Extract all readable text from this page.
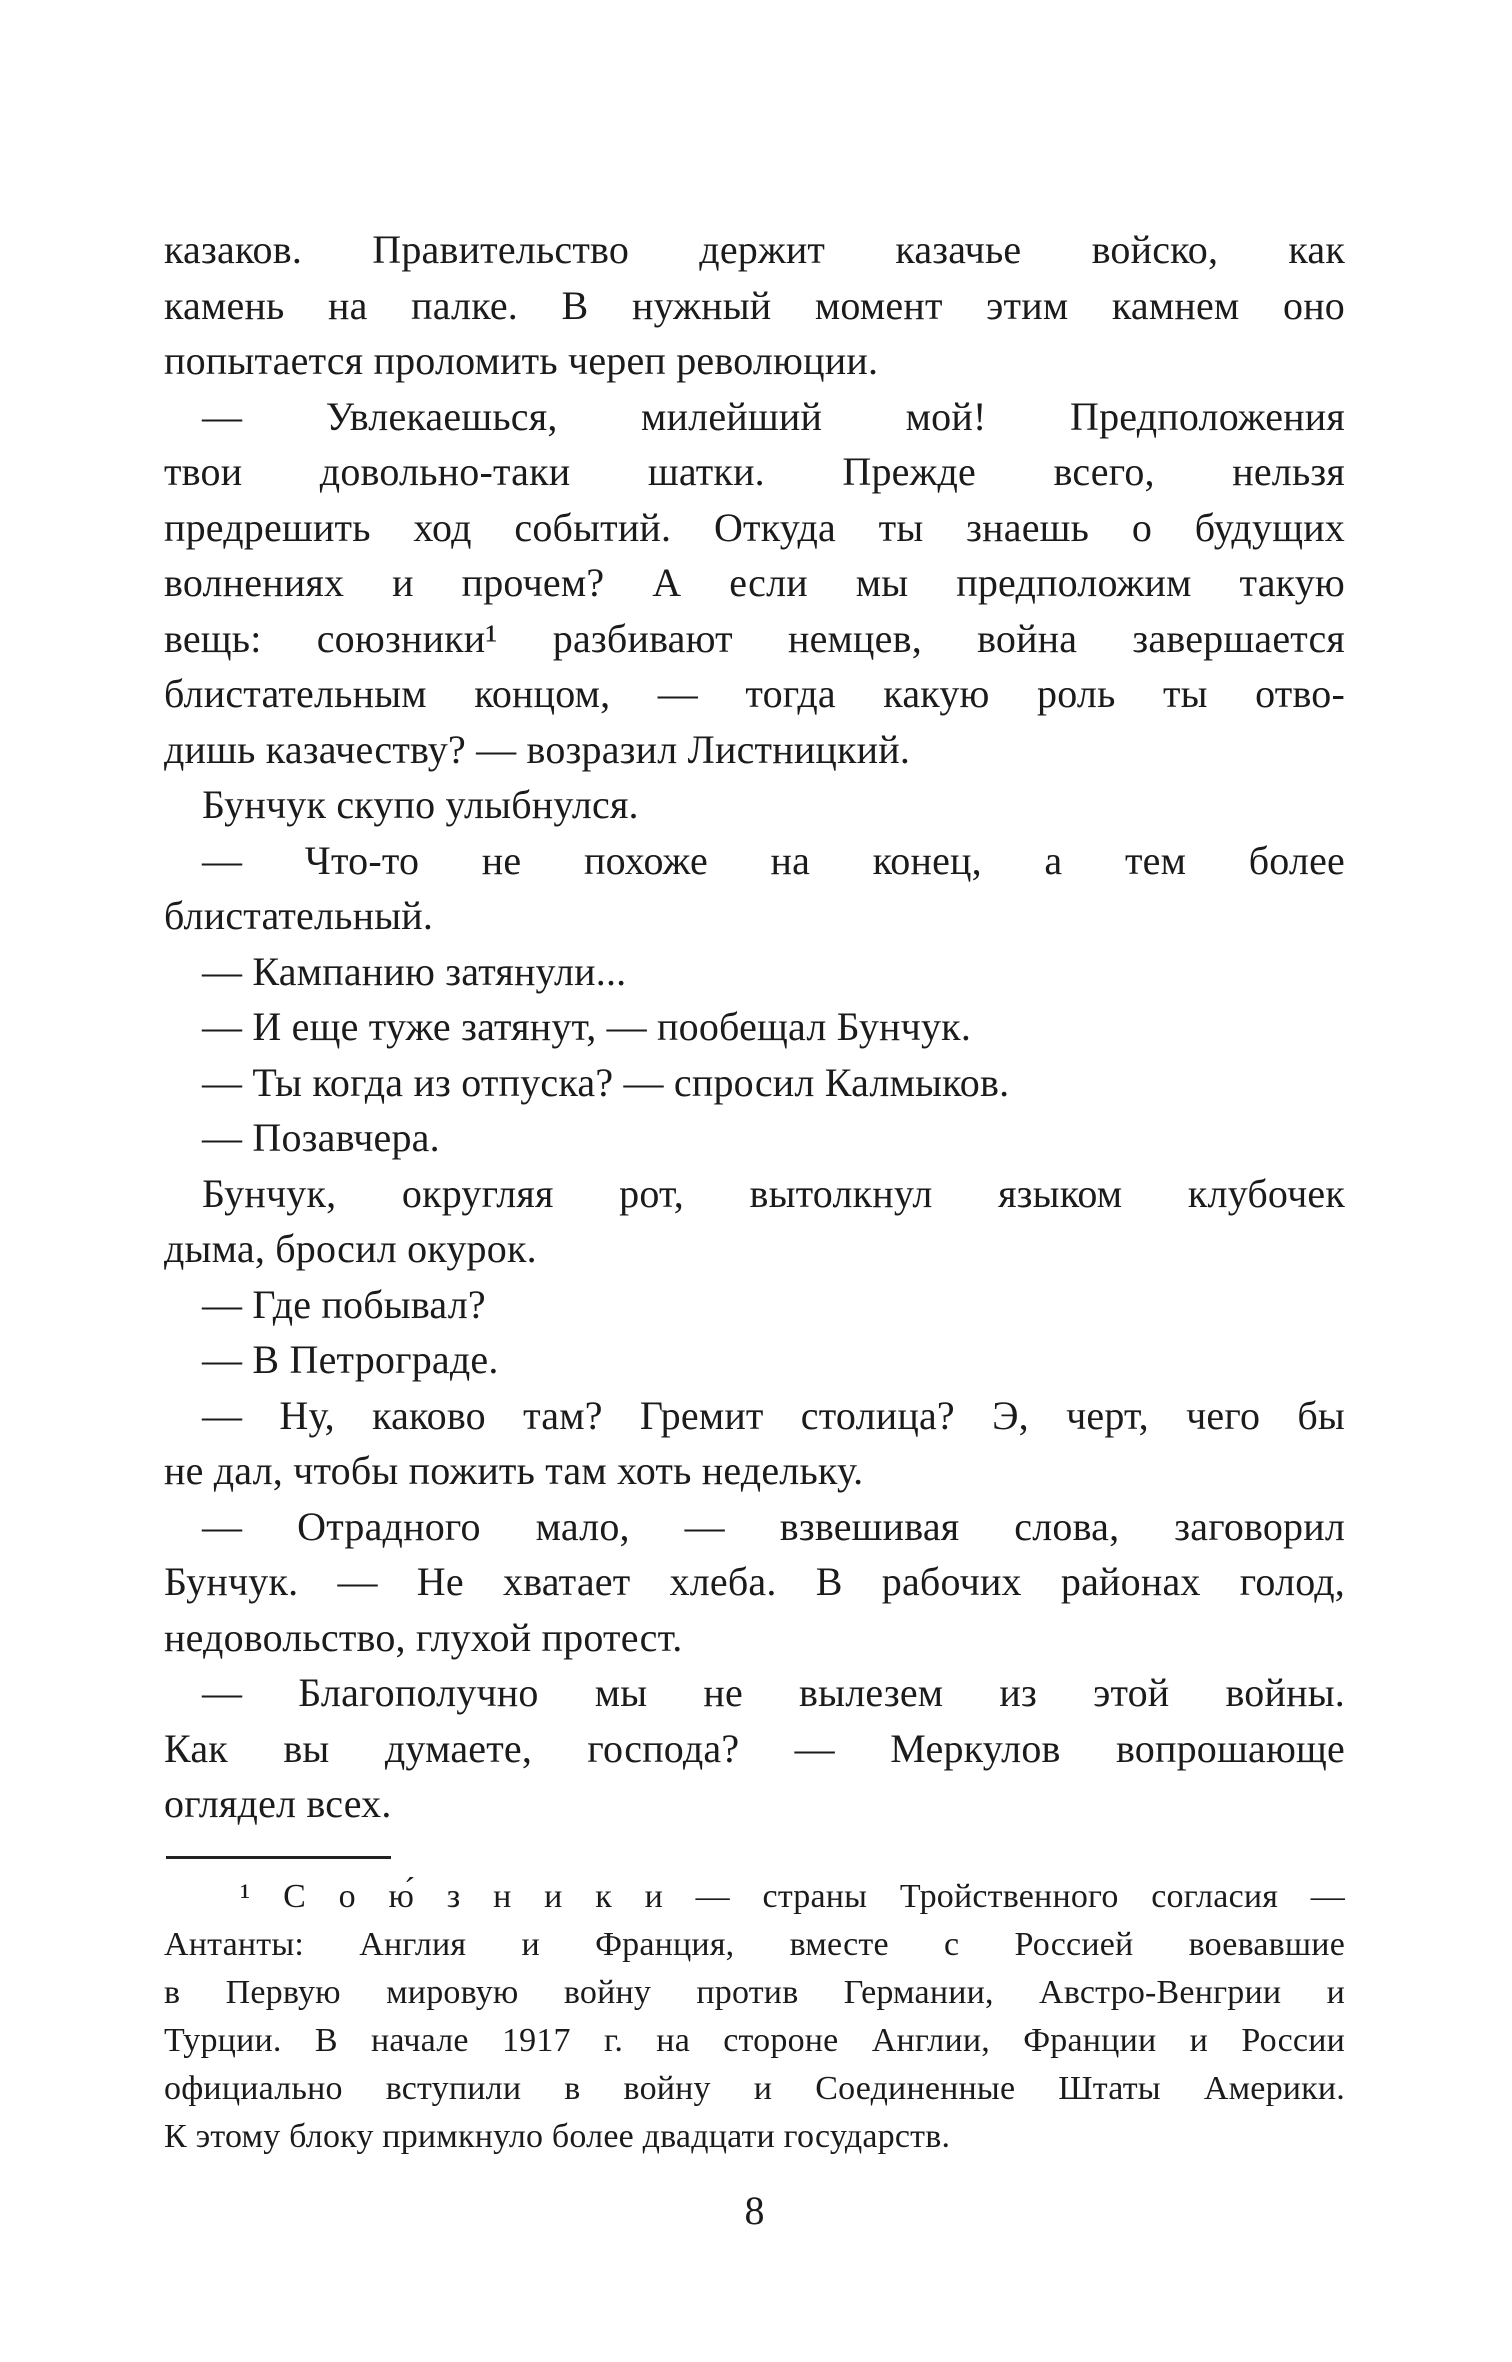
казаков. Правительство держит казачье войско, как
камень на палке. В нужный момент этим камнем оно
попытается проломить череп революции.
— Увлекаешься, милейший мой! Предположения
твои довольно-таки шатки. Прежде всего, нельзя
предрешить ход событий. Откуда ты знаешь о будущих
волнениях и прочем? А если мы предположим такую
вещь: союзники¹ разбивают немцев, война завершается
блистательным концом, — тогда какую роль ты отво-
дишь казачеству? — возразил Листницкий.
Бунчук скупо улыбнулся.
— Что-то не похоже на конец, а тем более
блистательный.
— Кампанию затянули...
— И еще туже затянут, — пообещал Бунчук.
— Ты когда из отпуска? — спросил Калмыков.
— Позавчера.
Бунчук, округляя рот, вытолкнул языком клубочек
дыма, бросил окурок.
— Где побывал?
— В Петрограде.
— Ну, каково там? Гремит столица? Э, черт, чего бы
не дал, чтобы пожить там хоть недельку.
— Отрадного мало, — взвешивая слова, заговорил
Бунчук. — Не хватает хлеба. В рабочих районах голод,
недовольство, глухой протест.
— Благополучно мы не вылезем из этой войны.
Как вы думаете, господа? — Меркулов вопрошающе
оглядел всех.
¹ С о ю́ з н и к и — страны Тройственного согласия —
Антанты: Англия и Франция, вместе с Россией воевавшие
в Первую мировую войну против Германии, Австро-Венгрии и
Турции. В начале 1917 г. на стороне Англии, Франции и России
официально вступили в войну и Соединенные Штаты Америки.
К этому блоку примкнуло более двадцати государств.
8
